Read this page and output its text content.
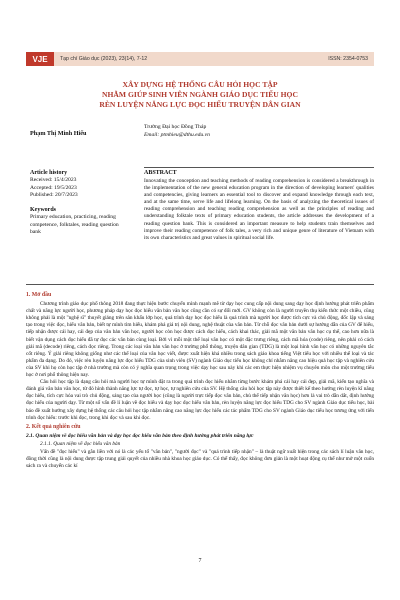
VJE	Tạp chí Giáo dục (2023), 23(14), 7-12	ISSN: 2354-0753
XÂY DỰNG HỆ THỐNG CÂU HỎI HỌC TẬP
NHẰM GIÚP SINH VIÊN NGÀNH GIÁO DỤC TIỂU HỌC
RÈN LUYỆN NĂNG LỰC ĐỌC HIỂU TRUYỆN DÂN GIAN
Phạm Thị Minh Hiếu
Trường Đại học Đồng Tháp
Email: ptmhieu@dthu.edu.vn
Article history
Received: 15/4/2023
Accepted: 19/5/2023
Published: 20/7/2023
Keywords
Primary education, practicing, reading competence, folktales, reading question bank
ABSTRACT
Innovating the conception and teaching methods of reading comprehension is considered a breakthrough in the implementation of the new general education program in the direction of developing learners' qualities and competencies, giving learners an essential tool to discover and expand knowledge through each text, and at the same time, serve life and lifelong learning. On the basis of analyzing the theoretical issues of reading comprehension and teaching reading comprehension as well as the principles of reading and understanding folktale texts of primary education students, the article addresses the development of a reading question bank. This is considered an important measure to help students train themselves and improve their reading competence of folk tales, a very rich and unique genre of literature of Vietnam with its own characteristics and great values in spiritual social life.
1. Mở đầu

Chương trình giáo dục phổ thông 2018 đang thực hiện bước chuyển mình mạnh mẽ từ dạy học cung cấp nội dung sang dạy học định hướng phát triển phẩm chất và năng lực người học, phương pháp dạy học đọc hiểu văn bản văn học cũng cần có sự đổi mới. GV không còn là người truyền thụ kiến thức một chiều, cũng không phải là một "nghệ sĩ" thuyết giảng trên sân khấu lớp học, quá trình dạy học đọc hiểu là quá trình mà người học được tích cực và chủ động, đốc lập và sáng tạo trong việc đọc, hiểu văn bản, biết tự mình tìm hiểu, khám phá giá trị nội dung, nghệ thuật của văn bản. Từ chỗ đọc văn bản dưới sự hướng dẫn của GV để hiểu, tiếp nhận được cái hay, cái đẹp của văn bản văn học, người học còn học được cách đọc hiểu, cách khai thác, giải mã một văn bản văn học cụ thể, cao hơn nữa là biết vận dụng cách đọc hiểu đã tự đọc các văn bản cùng loại. Bởi vì mỗi một thể loại văn học có một đặc trưng riêng, cách mã hóa (code) riêng, nên phải có cách giải mã (decode) riêng, cách đọc riêng. Trong các loại văn bản văn học ở trường phổ thông, truyện dân gian (TDG) là một loại hình văn học có những nguyên tắc cốt riêng. Ý giải riêng không giống như các thể loại của văn học viết, được xuất hiện khá nhiều trong sách giáo khoa tiếng Việt tiểu học với nhiều thể loại và tác phẩm đa dạng. Do đó, việc rèn luyện năng lực đọc hiểu TDG của sinh viên (SV) ngành Giáo dục tiểu học không chỉ nhằm nâng cao hiệu quả học tập và nghiên cứu của SV khi họ còn học tập ở nhà trường mà còn có ý nghĩa quan trọng trong việc dạy học sau này khi các em thực hiện nhiệm vụ chuyên môn cho một trường tiểu học ở nơi phổ thông hiện nay.

Câu hỏi học tập là dạng câu hỏi mà người học tự mình đặt ra trong quá trình đọc hiểu nhằm từng bước khám phá cái hay cái đẹp, giải mã, kiến tạo nghĩa và đánh giá văn bản văn học, từ đó hình thành năng lực tự đọc, tự học, tự nghiên cứu của SV. Hệ thống câu hỏi học tập này được thiết kế theo hướng rèn luyện kĩ năng đọc hiểu, tích cực hóa vai trò chủ động, sáng tạo của người học (cũng là người trực tiếp đọc văn bản, chủ thể tiếp nhận văn học) hơn là vai trò dẫn dắt, định hướng đọc hiểu của người dạy. Từ một số vấn đề lí luận về đọc hiểu và dạy học đọc hiểu văn bản, rèn luyện năng lực đọc hiểu TDG cho SV ngành Giáo dục tiểu học, bài báo đề xuất hướng xây dựng hệ thống các câu hỏi học tập nhằm nâng cao năng lực đọc hiểu các tác phẩm TDG cho SV ngành Giáo dục tiểu học tương ứng với tiến trình đọc hiểu: trước khi đọc, trong khi đọc và sau khi đọc.

2. Kết quả nghiên cứu
2.1. Quan niệm về đọc hiểu văn bản và dạy học đọc hiểu văn bản theo định hướng phát triển năng lực
2.1.1. Quan niệm về đọc hiểu văn bản

Vấn đề "đọc hiểu" và gắn liền với nó là các yếu tố "văn bản", "người đọc" và "quá trình tiếp nhận" – là thuật ngữ xuất hiện trong các sách lí luận văn học, đồng thời cũng là nội dung được tập trung giải quyết của nhiều nhà khoa học giáo dục. Có thể thấy, đọc không đơn giản là một hoạt động cụ thể như mở một cuốn sách ra và chuyển các kí

7
